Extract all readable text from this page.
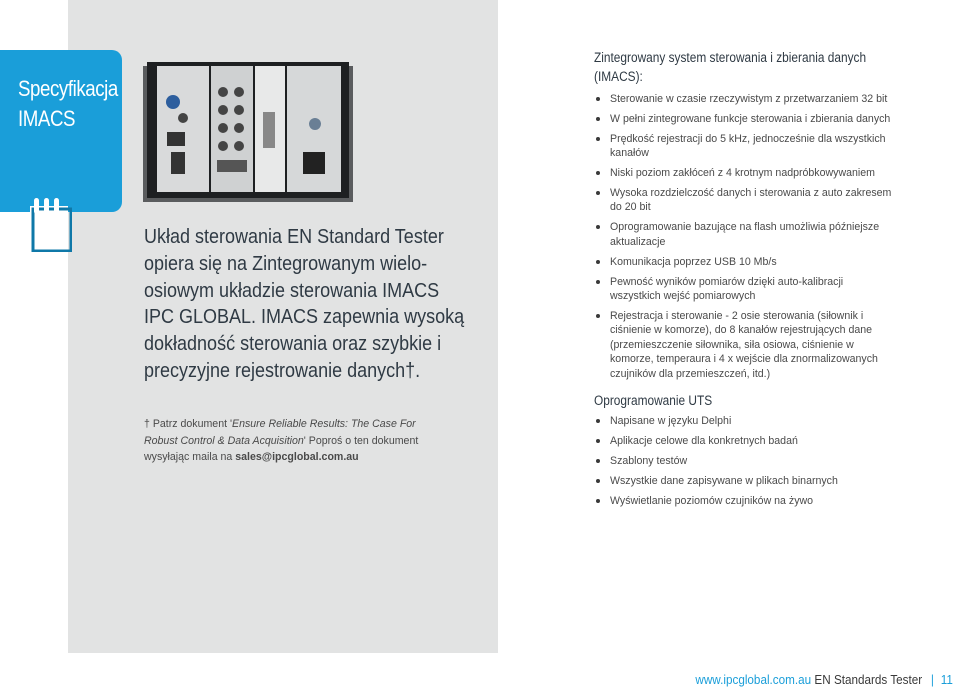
Specyfikacja
IMACS
Układ sterowania EN Standard Tester opiera się na Zintegrowanym wielo-osiowym układzie sterowania IMACS IPC GLOBAL. IMACS zapewnia wysoką dokładność sterowania oraz szybkie i precyzyjne rejestrowanie danych†.
† Patrz dokument 'Ensure Reliable Results: The Case For Robust Control & Data Acquisition' Poproś o ten dokument wysyłając maila na sales@ipcglobal.com.au
Zintegrowany system sterowania i zbierania danych (IMACS):
Sterowanie w czasie rzeczywistym z przetwarzaniem 32 bit
W pełni zintegrowane funkcje sterowania i zbierania danych
Prędkość rejestracji do 5 kHz, jednocześnie dla wszystkich kanałów
Niski poziom zakłóceń z 4 krotnym nadpróbkowywaniem
Wysoka rozdzielczość danych i sterowania z auto zakresem do 20 bit
Oprogramowanie bazujące na flash umożliwia późniejsze aktualizacje
Komunikacja poprzez USB 10 Mb/s
Pewność wyników pomiarów dzięki auto-kalibracji wszystkich wejść pomiarowych
Rejestracja i sterowanie - 2 osie sterowania (siłownik i ciśnienie w komorze), do 8 kanałów rejestrujących dane (przemieszczenie siłownika, siła osiowa, ciśnienie w komorze, temperaura i 4 x wejście dla znormalizowanych czujników dla przemieszczeń, itd.)
Oprogramowanie UTS
Napisane w języku Delphi
Aplikacje celowe dla konkretnych badań
Szablony testów
Wszystkie dane zapisywane w plikach binarnych
Wyświetlanie poziomów czujników na żywo
www.ipcglobal.com.au EN Standards Tester | 11
